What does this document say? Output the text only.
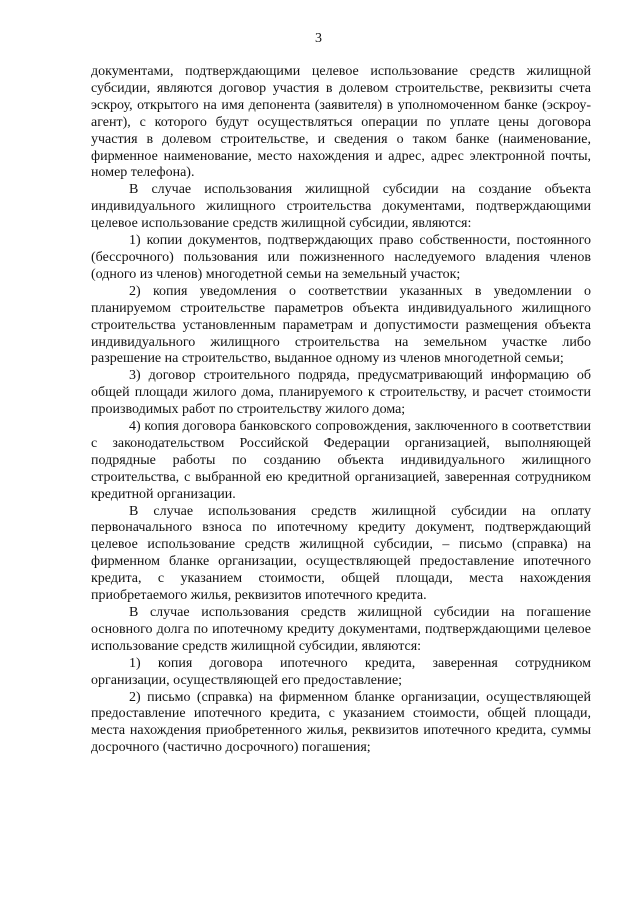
3

документами, подтверждающими целевое использование средств жилищной субсидии, являются договор участия в долевом строительстве, реквизиты счета эскроу, открытого на имя депонента (заявителя) в уполномоченном банке (эскроу-агент), с которого будут осуществляться операции по уплате цены договора участия в долевом строительстве, и сведения о таком банке (наименование, фирменное наименование, место нахождения и адрес, адрес электронной почты, номер телефона).

В случае использования жилищной субсидии на создание объекта индивидуального жилищного строительства документами, подтверждающими целевое использование средств жилищной субсидии, являются:

1) копии документов, подтверждающих право собственности, постоянного (бессрочного) пользования или пожизненного наследуемого владения членов (одного из членов) многодетной семьи на земельный участок;

2) копия уведомления о соответствии указанных в уведомлении о планируемом строительстве параметров объекта индивидуального жилищного строительства установленным параметрам и допустимости размещения объекта индивидуального жилищного строительства на земельном участке либо разрешение на строительство, выданное одному из членов многодетной семьи;

3) договор строительного подряда, предусматривающий информацию об общей площади жилого дома, планируемого к строительству, и расчет стоимости производимых работ по строительству жилого дома;

4) копия договора банковского сопровождения, заключенного в соответствии с законодательством Российской Федерации организацией, выполняющей подрядные работы по созданию объекта индивидуального жилищного строительства, с выбранной ею кредитной организацией, заверенная сотрудником кредитной организации.

В случае использования средств жилищной субсидии на оплату первоначального взноса по ипотечному кредиту документ, подтверждающий целевое использование средств жилищной субсидии, – письмо (справка) на фирменном бланке организации, осуществляющей предоставление ипотечного кредита, с указанием стоимости, общей площади, места нахождения приобретаемого жилья, реквизитов ипотечного кредита.

В случае использования средств жилищной субсидии на погашение основного долга по ипотечному кредиту документами, подтверждающими целевое использование средств жилищной субсидии, являются:

1) копия договора ипотечного кредита, заверенная сотрудником организации, осуществляющей его предоставление;

2) письмо (справка) на фирменном бланке организации, осуществляющей предоставление ипотечного кредита, с указанием стоимости, общей площади, места нахождения приобретенного жилья, реквизитов ипотечного кредита, суммы досрочного (частично досрочного) погашения;
